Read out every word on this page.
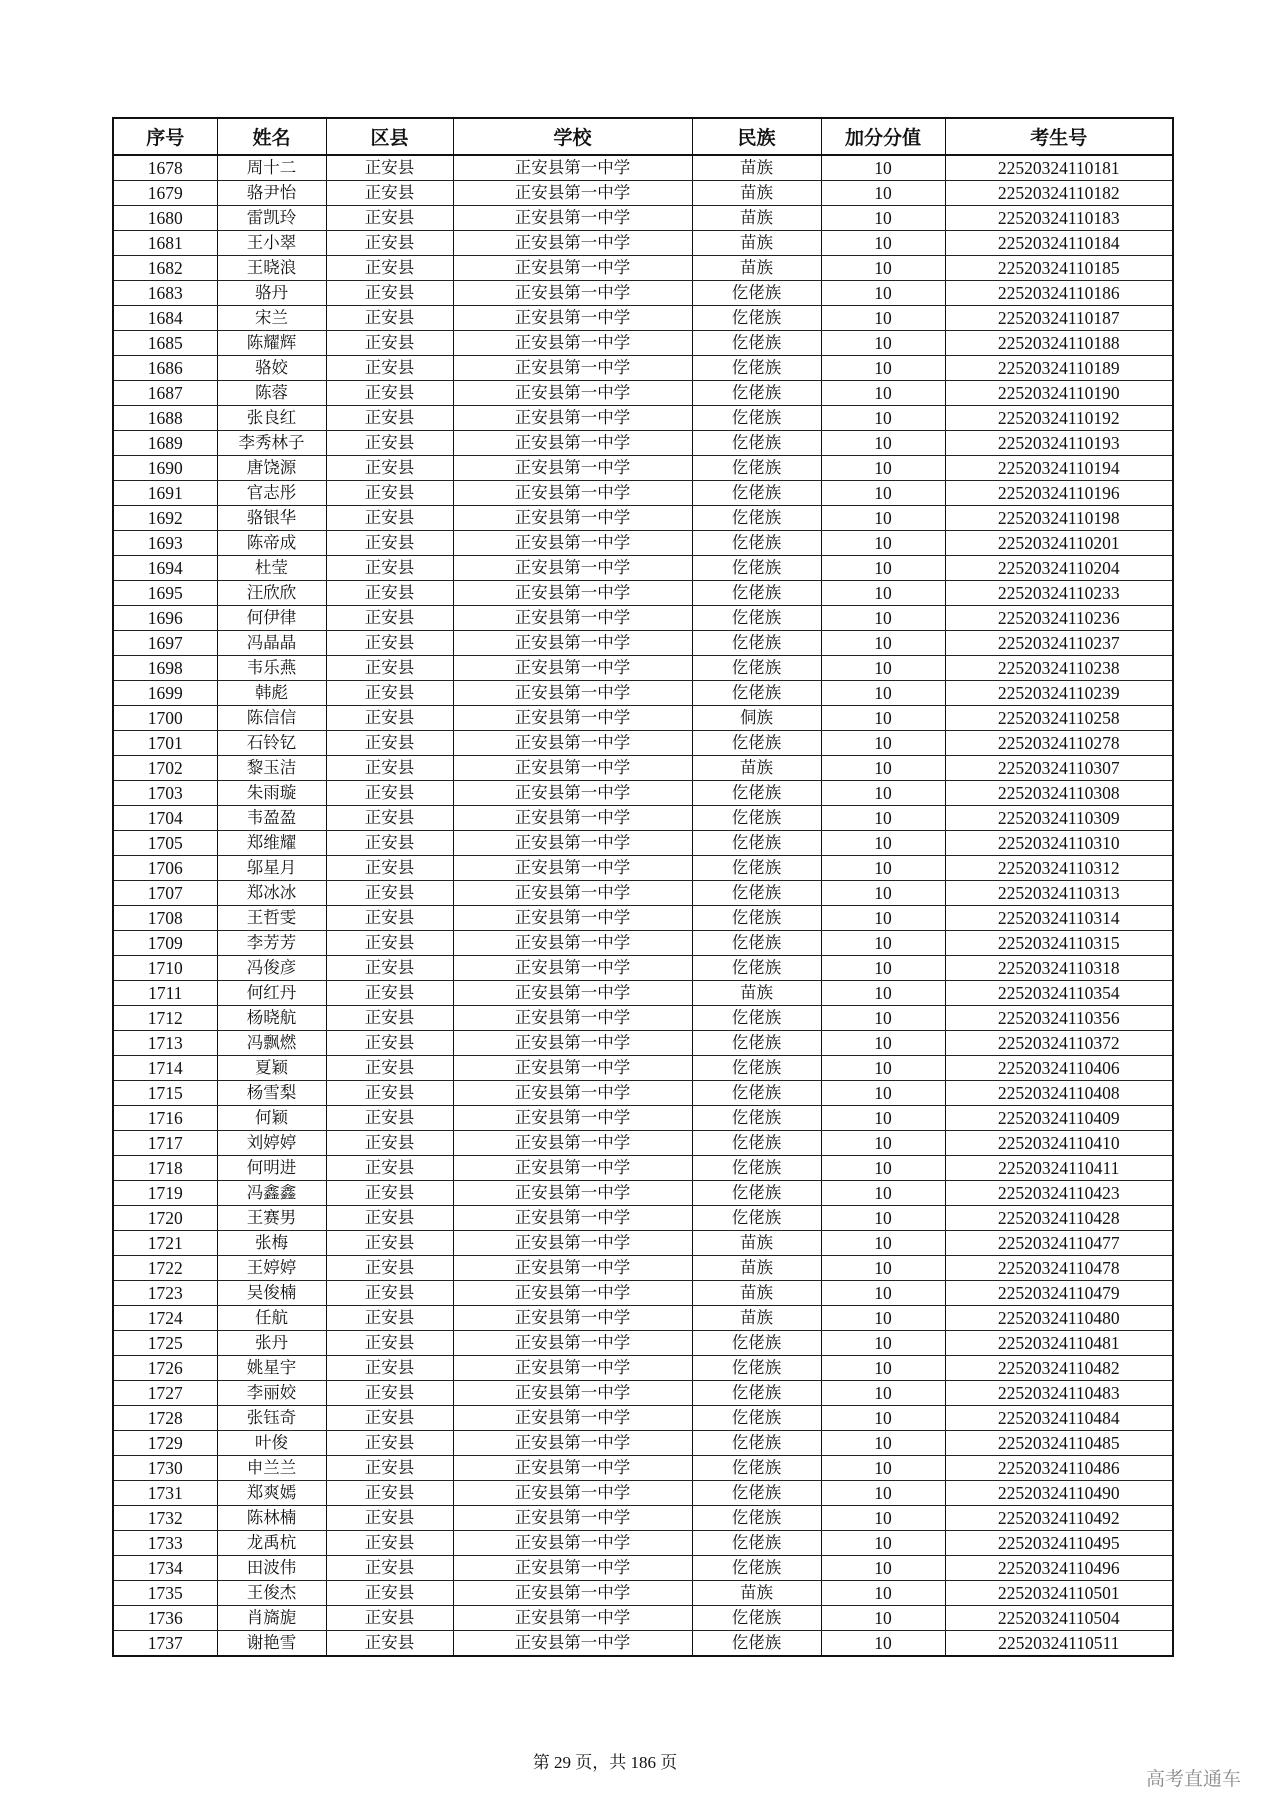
序号	姓名	区县	学校	民族	加分分值	考生号
1678	周十二	正安县	正安县第一中学	苗族	10	22520324110181
1679	骆尹怡	正安县	正安县第一中学	苗族	10	22520324110182
1680	雷凯玲	正安县	正安县第一中学	苗族	10	22520324110183
1681	王小翠	正安县	正安县第一中学	苗族	10	22520324110184
1682	王晓浪	正安县	正安县第一中学	苗族	10	22520324110185
1683	骆丹	正安县	正安县第一中学	仡佬族	10	22520324110186
1684	宋兰	正安县	正安县第一中学	仡佬族	10	22520324110187
1685	陈耀辉	正安县	正安县第一中学	仡佬族	10	22520324110188
1686	骆姣	正安县	正安县第一中学	仡佬族	10	22520324110189
1687	陈蓉	正安县	正安县第一中学	仡佬族	10	22520324110190
1688	张良红	正安县	正安县第一中学	仡佬族	10	22520324110192
1689	李秀林子	正安县	正安县第一中学	仡佬族	10	22520324110193
1690	唐饶源	正安县	正安县第一中学	仡佬族	10	22520324110194
1691	官志彤	正安县	正安县第一中学	仡佬族	10	22520324110196
1692	骆银华	正安县	正安县第一中学	仡佬族	10	22520324110198
1693	陈帝成	正安县	正安县第一中学	仡佬族	10	22520324110201
1694	杜莹	正安县	正安县第一中学	仡佬族	10	22520324110204
1695	汪欣欣	正安县	正安县第一中学	仡佬族	10	22520324110233
1696	何伊律	正安县	正安县第一中学	仡佬族	10	22520324110236
1697	冯晶晶	正安县	正安县第一中学	仡佬族	10	22520324110237
1698	韦乐燕	正安县	正安县第一中学	仡佬族	10	22520324110238
1699	韩彪	正安县	正安县第一中学	仡佬族	10	22520324110239
1700	陈信信	正安县	正安县第一中学	侗族	10	22520324110258
1701	石铃钇	正安县	正安县第一中学	仡佬族	10	22520324110278
1702	黎玉洁	正安县	正安县第一中学	苗族	10	22520324110307
1703	朱雨璇	正安县	正安县第一中学	仡佬族	10	22520324110308
1704	韦盈盈	正安县	正安县第一中学	仡佬族	10	22520324110309
1705	郑维耀	正安县	正安县第一中学	仡佬族	10	22520324110310
1706	邬星月	正安县	正安县第一中学	仡佬族	10	22520324110312
1707	郑冰冰	正安县	正安县第一中学	仡佬族	10	22520324110313
1708	王哲雯	正安县	正安县第一中学	仡佬族	10	22520324110314
1709	李芳芳	正安县	正安县第一中学	仡佬族	10	22520324110315
1710	冯俊彦	正安县	正安县第一中学	仡佬族	10	22520324110318
1711	何红丹	正安县	正安县第一中学	苗族	10	22520324110354
1712	杨晓航	正安县	正安县第一中学	仡佬族	10	22520324110356
1713	冯飘燃	正安县	正安县第一中学	仡佬族	10	22520324110372
1714	夏颖	正安县	正安县第一中学	仡佬族	10	22520324110406
1715	杨雪梨	正安县	正安县第一中学	仡佬族	10	22520324110408
1716	何颖	正安县	正安县第一中学	仡佬族	10	22520324110409
1717	刘婷婷	正安县	正安县第一中学	仡佬族	10	22520324110410
1718	何明进	正安县	正安县第一中学	仡佬族	10	22520324110411
1719	冯鑫鑫	正安县	正安县第一中学	仡佬族	10	22520324110423
1720	王赛男	正安县	正安县第一中学	仡佬族	10	22520324110428
1721	张梅	正安县	正安县第一中学	苗族	10	22520324110477
1722	王婷婷	正安县	正安县第一中学	苗族	10	22520324110478
1723	吴俊楠	正安县	正安县第一中学	苗族	10	22520324110479
1724	任航	正安县	正安县第一中学	苗族	10	22520324110480
1725	张丹	正安县	正安县第一中学	仡佬族	10	22520324110481
1726	姚星宇	正安县	正安县第一中学	仡佬族	10	22520324110482
1727	李丽姣	正安县	正安县第一中学	仡佬族	10	22520324110483
1728	张钰奇	正安县	正安县第一中学	仡佬族	10	22520324110484
1729	叶俊	正安县	正安县第一中学	仡佬族	10	22520324110485
1730	申兰兰	正安县	正安县第一中学	仡佬族	10	22520324110486
1731	郑爽嫣	正安县	正安县第一中学	仡佬族	10	22520324110490
1732	陈林楠	正安县	正安县第一中学	仡佬族	10	22520324110492
1733	龙禹杭	正安县	正安县第一中学	仡佬族	10	22520324110495
1734	田波伟	正安县	正安县第一中学	仡佬族	10	22520324110496
1735	王俊杰	正安县	正安县第一中学	苗族	10	22520324110501
1736	肖旖旎	正安县	正安县第一中学	仡佬族	10	22520324110504
1737	谢艳雪	正安县	正安县第一中学	仡佬族	10	22520324110511
第 29 页，共 186 页
高考直通车
